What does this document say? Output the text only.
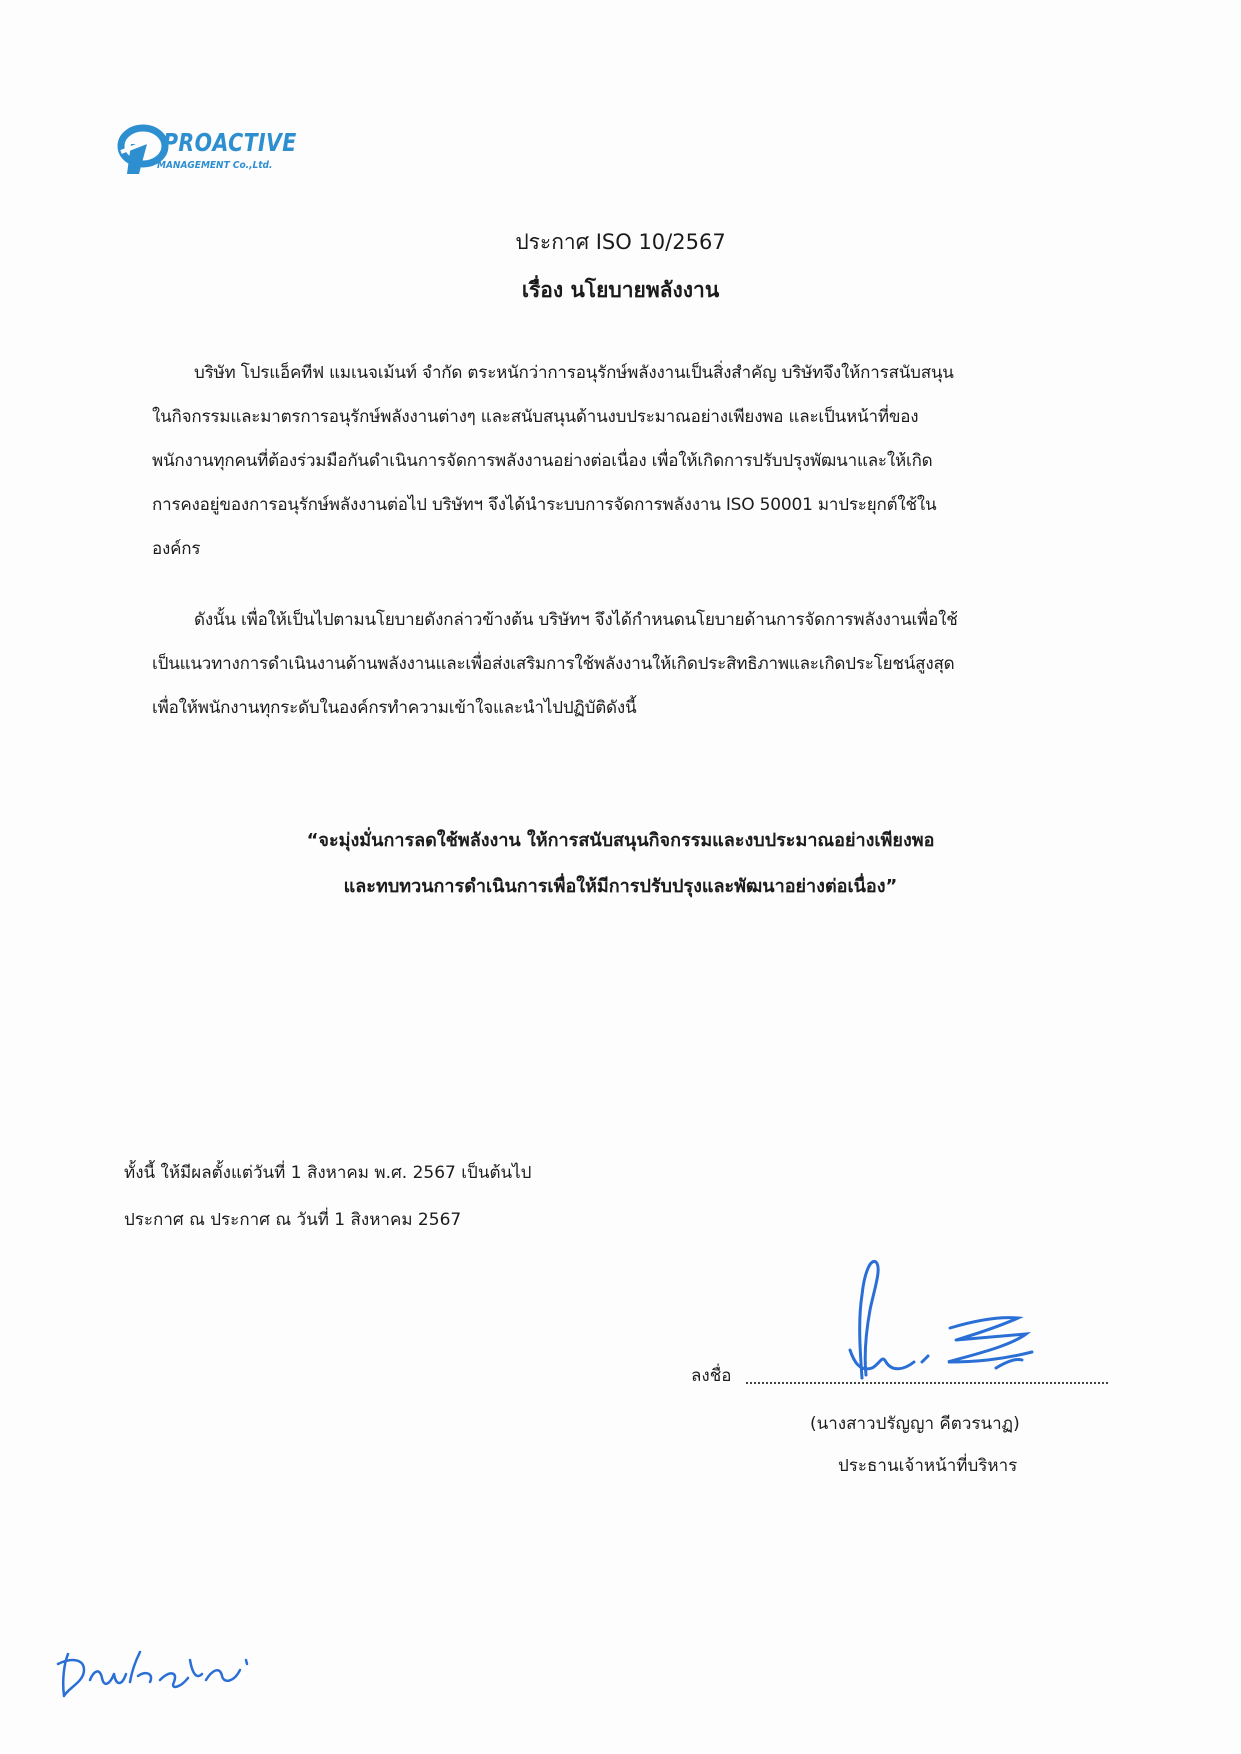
PROACTIVE
MANAGEMENT Co.,Ltd.
ประกาศ ISO 10/2567
เรื่อง นโยบายพลังงาน
บริษัท โปรแอ็คทีฟ แมเนจเม้นท์ จำกัด ตระหนักว่าการอนุรักษ์พลังงานเป็นสิ่งสำคัญ บริษัทจึงให้การสนับสนุน
ในกิจกรรมและมาตรการอนุรักษ์พลังงานต่างๆ และสนับสนุนด้านงบประมาณอย่างเพียงพอ และเป็นหน้าที่ของ
พนักงานทุกคนที่ต้องร่วมมือกันดำเนินการจัดการพลังงานอย่างต่อเนื่อง เพื่อให้เกิดการปรับปรุงพัฒนาและให้เกิด
การคงอยู่ของการอนุรักษ์พลังงานต่อไป บริษัทฯ จึงได้นำระบบการจัดการพลังงาน ISO 50001 มาประยุกต์ใช้ใน
องค์กร
ดังนั้น เพื่อให้เป็นไปตามนโยบายดังกล่าวข้างต้น บริษัทฯ จึงได้กำหนดนโยบายด้านการจัดการพลังงานเพื่อใช้
เป็นแนวทางการดำเนินงานด้านพลังงานและเพื่อส่งเสริมการใช้พลังงานให้เกิดประสิทธิภาพและเกิดประโยชน์สูงสุด
เพื่อให้พนักงานทุกระดับในองค์กรทำความเข้าใจและนำไปปฏิบัติดังนี้
“จะมุ่งมั่นการลดใช้พลังงาน ให้การสนับสนุนกิจกรรมและงบประมาณอย่างเพียงพอ
และทบทวนการดำเนินการเพื่อให้มีการปรับปรุงและพัฒนาอย่างต่อเนื่อง”
ทั้งนี้ ให้มีผลตั้งแต่วันที่ 1 สิงหาคม พ.ศ. 2567 เป็นต้นไป
ประกาศ ณ ประกาศ ณ วันที่ 1 สิงหาคม 2567
ลงชื่อ
(นางสาวปรัญญา คีตวรนาฏ)
ประธานเจ้าหน้าที่บริหาร
